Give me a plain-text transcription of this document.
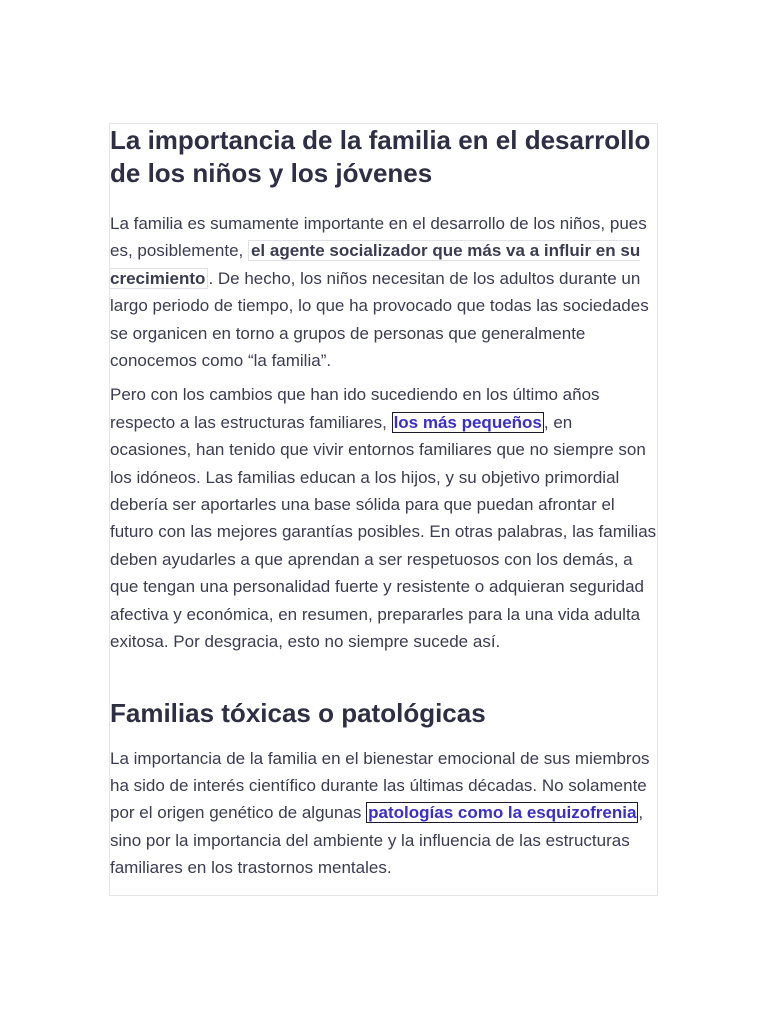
La importancia de la familia en el desarrollo de los niños y los jóvenes

La familia es sumamente importante en el desarrollo de los niños, pues es, posiblemente, el agente socializador que más va a influir en su crecimiento . De hecho, los niños necesitan de los adultos durante un largo periodo de tiempo, lo que ha provocado que todas las sociedades se organicen en torno a grupos de personas que generalmente conocemos como “la familia”.

Pero con los cambios que han ido sucediendo en los último años respecto a las estructuras familiares, los más pequeños , en ocasiones, han tenido que vivir entornos familiares que no siempre son los idóneos. Las familias educan a los hijos, y su objetivo primordial debería ser aportarles una base sólida para que puedan afrontar el futuro con las mejores garantías posibles. En otras palabras, las familias deben ayudarles a que aprendan a ser respetuosos con los demás, a que tengan una personalidad fuerte y resistente o adquieran seguridad afectiva y económica, en resumen, prepararles para la una vida adulta exitosa. Por desgracia, esto no siempre sucede así.

Familias tóxicas o patológicas

La importancia de la familia en el bienestar emocional de sus miembros ha sido de interés científico durante las últimas décadas. No solamente por el origen genético de algunas patologías como la esquizofrenia , sino por la importancia del ambiente y la influencia de las estructuras familiares en los trastornos mentales.
